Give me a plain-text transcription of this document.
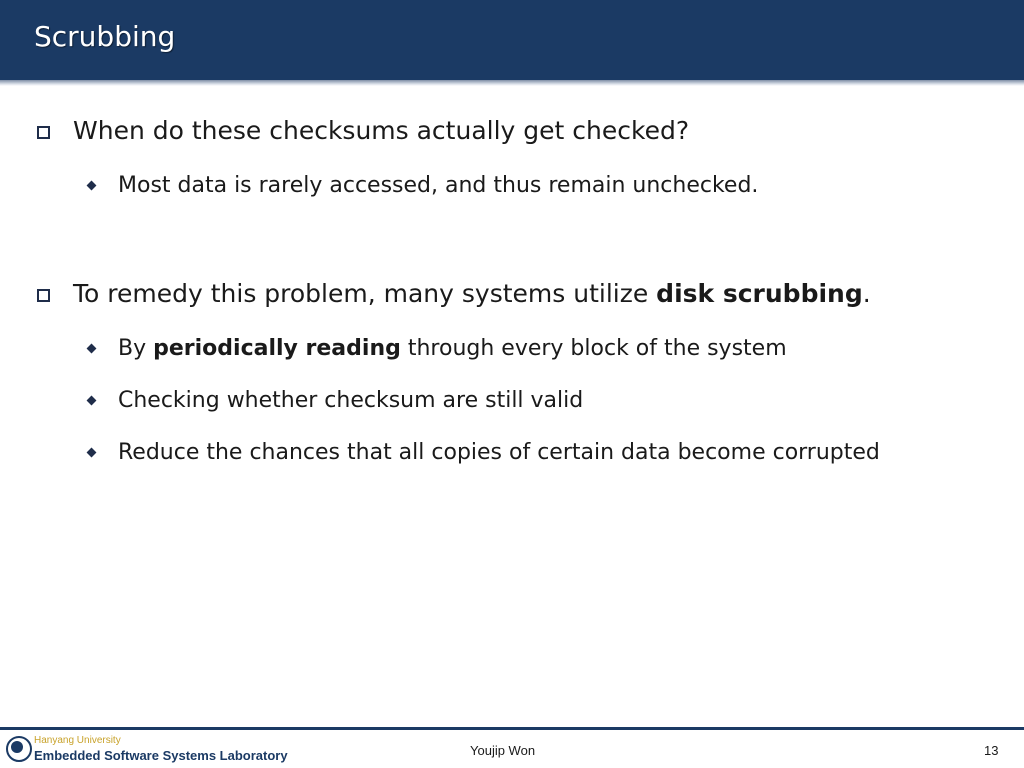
Scrubbing
When do these checksums actually get checked?
Most data is rarely accessed, and thus remain unchecked.
To remedy this problem, many systems utilize disk scrubbing.
By periodically reading through every block of the system
Checking whether checksum are still valid
Reduce the chances that all copies of certain data become corrupted
Hanyang University
Embedded Software Systems Laboratory	Youjip Won	13
